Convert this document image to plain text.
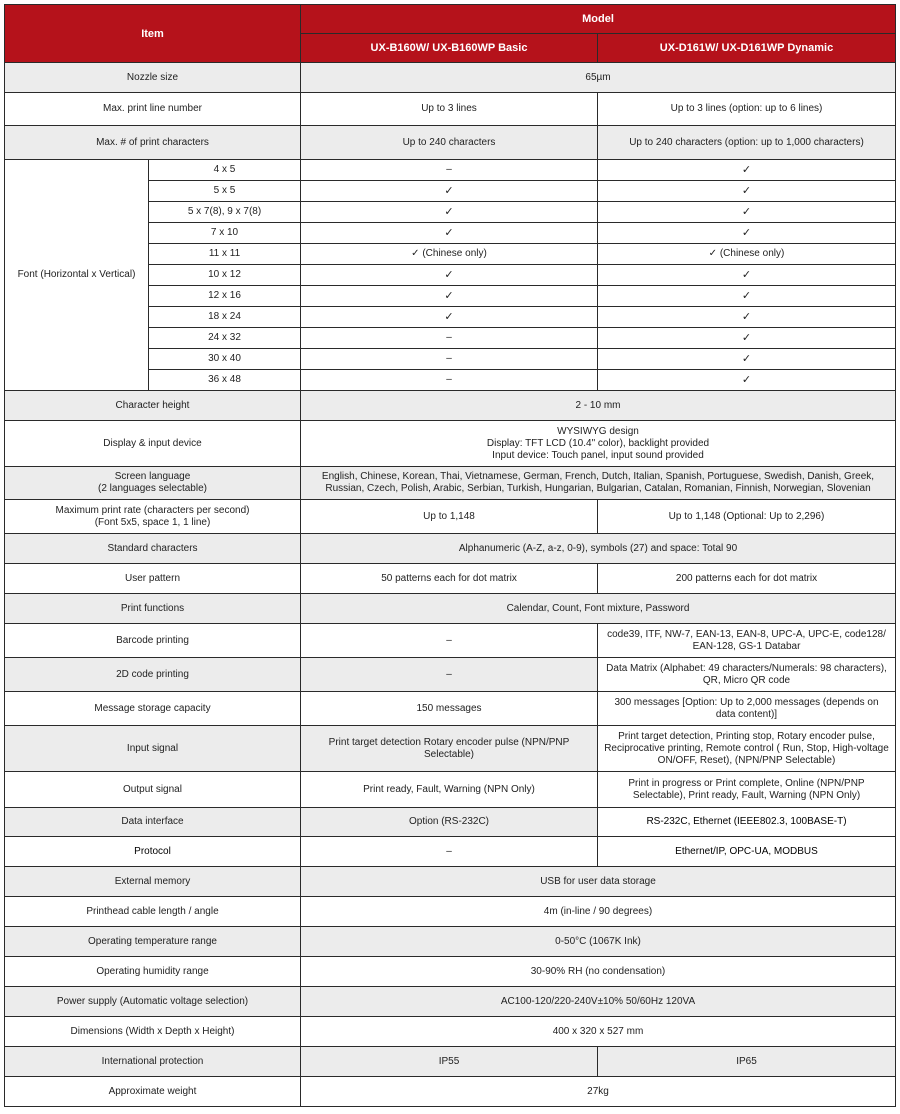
Item		Model	
		UX-B160W/ UX-B160WP Basic	UX-D161W/ UX-D161WP Dynamic
Nozzle size		65µm	
Max. print line number		Up to 3 lines	Up to 3 lines (option: up to 6 lines)
Max. # of print characters		Up to 240 characters	Up to 240 characters (option: up to 1,000 characters)
Font (Horizontal x Vertical)	4 x 5	–	✓
	5 x 5	✓	✓
	5 x 7(8), 9 x 7(8)	✓	✓
	7 x 10	✓	✓
	11 x 11	✓ (Chinese only)	✓ (Chinese only)
	10 x 12	✓	✓
	12 x 16	✓	✓
	18 x 24	✓	✓
	24 x 32	–	✓
	30 x 40	–	✓
	36 x 48	–	✓
Character height		2 - 10 mm	
Display & input device		WYSIWYG design
Display: TFT LCD (10.4" color), backlight provided
Input device: Touch panel, input sound provided	
Screen language
(2 languages selectable)		English, Chinese, Korean, Thai, Vietnamese, German, French, Dutch, Italian, Spanish, Portuguese, Swedish, Danish, Greek,
Russian, Czech, Polish, Arabic, Serbian, Turkish, Hungarian, Bulgarian, Catalan, Romanian, Finnish, Norwegian, Slovenian	
Maximum print rate (characters per second)
(Font 5x5, space 1, 1 line)		Up to 1,148	Up to 1,148 (Optional: Up to 2,296)
Standard characters		Alphanumeric (A-Z, a-z, 0-9), symbols (27) and space: Total 90	
User pattern		50 patterns each for dot matrix	200 patterns each for dot matrix
Print functions		Calendar, Count, Font mixture, Password	
Barcode printing		–	code39, ITF, NW-7, EAN-13, EAN-8, UPC-A, UPC-E, code128/
EAN-128, GS-1 Databar
2D code printing		–	Data Matrix (Alphabet: 49 characters/Numerals: 98 characters),
QR, Micro QR code
Message storage capacity		150 messages	300 messages [Option: Up to 2,000 messages (depends on
data content)]
Input signal		Print target detection Rotary encoder pulse (NPN/PNP
Selectable)	Print target detection, Printing stop, Rotary encoder pulse,
Reciprocative printing, Remote control ( Run, Stop, High-voltage
ON/OFF, Reset), (NPN/PNP Selectable)
Output signal		Print ready, Fault, Warning (NPN Only)	Print in progress or Print complete, Online (NPN/PNP
Selectable), Print ready, Fault, Warning (NPN Only)
Data interface		Option (RS-232C)	RS-232C, Ethernet (IEEE802.3, 100BASE-T)
Protocol		–	Ethernet/IP, OPC-UA, MODBUS
External memory		USB for user data storage	
Printhead cable length / angle		4m (in-line / 90 degrees)	
Operating temperature range		0-50°C (1067K Ink)	
Operating humidity range		30-90% RH (no condensation)	
Power supply (Automatic voltage selection)		AC100-120/220-240V±10% 50/60Hz 120VA	
Dimensions (Width x Depth x Height)		400 x 320 x 527 mm	
International protection		IP55	IP65
Approximate weight		27kg	
